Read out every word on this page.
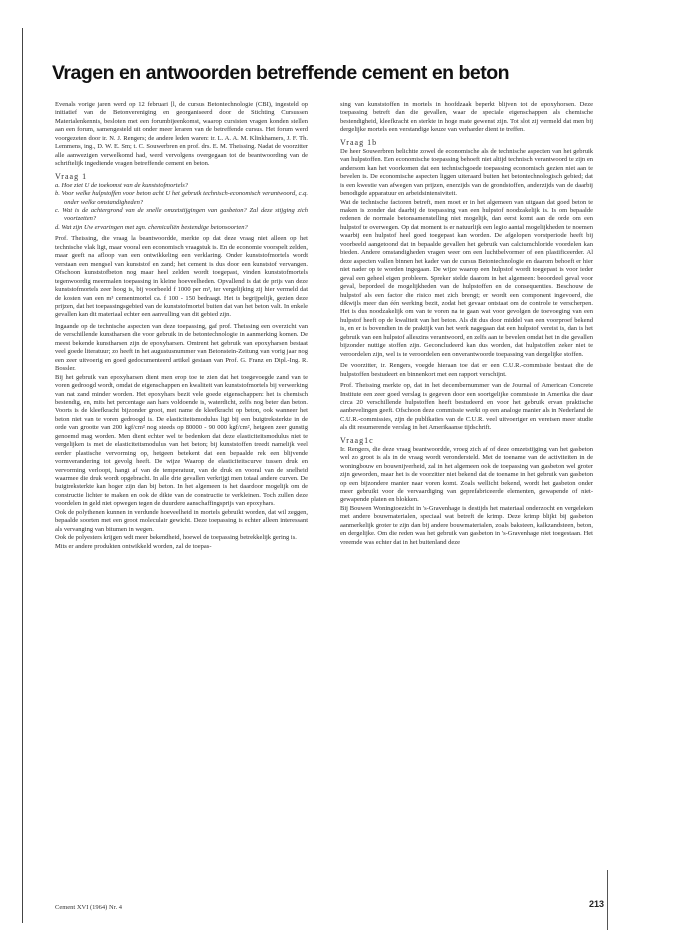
Vragen en antwoorden betreffende cement en beton

Evenals vorige jaren werd op 12 februari [l, de cursus Betontechnologie (CBI), ingesteld op initiatief van de Betonvereniging en georganiseerd door de Stichting Cursussen Materialenkennis, besloten met een forumbijeenkomst, waarop cursisten vragen konden stellen aan een forum, samengesteld uit onder meer leraren van de betreffende cursus. Het forum werd voorgezeten door ir. N. J. Rengers; de andere leden waren: ir. L. A. A. M. Klinkhamers, J. F. Th. Lemmens, ing., D. W. E. Sm; t. C. Souwerbren en prof. drs. E. M. Theissing. Nadat de voorzitter alle aanwezigen verwelkomd had, werd vervolgens overgegaan tot de beantwoording van de schriftelijk ingediende vragen betreffende cement en beton.

Vraag 1

a. Hoe ziet U de toekomst van de kunststofmortels?

b. Voor welke hulpstoffen voor beton acht U het gebruik technisch-economisch verantwoord, c.q. onder welke omstandigheden?

c. Wat is de achtergrond van de snelle omzetstijgingen van gasbeton? Zal deze stijging zich voortzetten?

d. Wat zijn Uw ervaringen met zgn. chemicaliën bestendige betonsoorten?

Prof. Theissing, die vraag la beantwoordde, merkte op dat deze vraag niet alleen op het technische vlak ligt, maar vooral een economisch vraagstuk is. En de economie voorspelt zelden, maar geeft na afloop van een ontwikkeling een verklaring. Onder kunststofmortels wordt verstaan een mengsel van kunststof en zand; het cement is dus door een kunststof vervangen. Ofschoon kunststofbeton nog maar heel zelden wordt toegepast, vinden kunststofmortels tegenwoordig meermalen toepassing in kleine hoeveelheden. Opvallend is dat de prijs van deze kunststofmortels zeer hoog is, bij voorbeeld f 1000 per m³, ter vergelijking zij hier vermeld dat de kosten van een m³ cementmortel ca. f 100 - 150 bedraagt. Het is begrijpelijk, gezien deze prijzen, dat het toepassingsgebied van de kunststofmortel buiten dat van het beton valt. In enkele gevallen kan dit materiaal echter een aanvulling van dit gebied zijn.

Ingaande op de technische aspecten van deze toepassing, gaf prof. Theissing een overzicht van de verschillende kunstharsen die voor gebruik in de betontechnologie in aanmerking komen. De meest bekende kunstharsen zijn de epoxyharsen. Omtrent het gebruik van epoxyharsen bestaat veel goede literatuur; zo heeft in het augustusnummer van Betonstein-Zeitung van vorig jaar nog een zeer uitvoerig en goed gedocumenteerd artikel gestaan van Prof. G. Franz en Dipl.-Ing. R. Bossler.

Bij het gebruik van epoxyharsen dient men erop toe te zien dat het toegevoegde zand van te voren gedroogd wordt, omdat de eigenschappen en kwaliteit van kunststofmortels bij verwerking van nat zand minder worden. Het epoxyhars bezit vele goede eigenschappen: het is chemisch bestendig, en, mits het percentage aan hars voldoende is, waterdicht, zelfs nog beter dan beton. Voorts is de kleefkracht bijzonder groot, met name de kleefkracht op beton, ook wanneer het beton niet van te voren gedroogd is. De elasticiteitsmodulus ligt bij een buigtreksterkte in de orde van grootte van 200 kgf/cm² nog steeds op 80000 - 90 000 kgf/cm², hetgeen zeer gunstig genoemd mag worden. Men dient echter wel te bedenken dat deze elasticiteitsmodulus niet te vergelijken is met de elasticiteitsmodulus van het beton; bij kunststoffen treedt namelijk veel eerder plastische vervorming op, hetgeen betekent dat een bepaalde rek een blijvende vormverandering tot gevolg heeft. De wijze Waarop de elasticiteitscurve tussen druk en vervorming verloopt, hangt af van de temperatuur, van de druk en vooral van de snelheid waarmee die druk wordt opgebracht. In alle drie gevallen verkrijgt men totaal andere curven. De buigtreksterkte kan hoger zijn dan bij beton. In het algemeen is het daardoor mogelijk om de constructie lichter te maken en ook de dikte van de constructie te verkleinen. Toch zullen deze voordelen in geld niet opwegen tegen de duurdere aanschaffingsprijs van epoxyhars.

Ook de polythenen kunnen in verdunde hoeveelheid in mortels gebruikt worden, dat wil zeggen, bepaalde soorten met een groot moleculair gewicht. Deze toepassing is echter alleen interessant als vervanging van bitumen in wegen.

Ook de polyesters krijgen wdt meer bekendheid, hoewel de toepassing betrekkelijk gering is.

Mits er andere produkten ontwikkeld worden, zal de toepas-

sing van kunststoffen in mortels in hoofdzaak beperkt blijven tot de epoxyhorsen. Deze toepassing betreft dan die gevallen, waar de speciale eigenschappen als chemische bestendigheid, kleefkracht en sterkte in hoge mate gewenst zijn. Tot slot zij vermeld dat men bij dergelijke mortels een verstandige keuze van verharder dient te treffen.

Vraag 1b

De heer Souwerbren belichtte zowel de economische als de technische aspecten van het gebruik van hulpstoffen. Een economische toepassing behoeft niet altijd technisch verantwoord te zijn en andersom kan het voorkomen dat een technischgoede toepassing economisch gezien niet aan te bevelen is. De economische aspecten liggen uiteraard buiten het betontechnologisch gebied; dat is een kwestie van afwegen van prijzen, enerzijds van de grondstoffen, anderzijds van de daarbij benodigde apparatuur en arbeidsintensiviteit.

Wat de technische factoren betreft, men moet er in het algemeen van uitgaan dat goed beton te maken is zonder dat daarbij de toepassing van een hulpstof noodzakelijk is. Is om bepaalde redenen de normale betonsamenstelling niet mogelijk, dan eerst komt aan de orde om een hulpstof te overwegen. Op dat moment is er natuurlijk een legio aantal mogelijkheden te noemen waarbij een hulpstof heel goed toegepast kan worden. De afgelopen vorstperiode heeft bij voorbeeld aangetoond dat in bepaalde gevallen het gebruik van calciumchloride voordelen kan bieden. Andere omstandigheden vragen weer om een luchtbelvormer of een plastificeerder. Al deze aspecten vallen binnen het kader van de cursus Betontechnologie en daarom behoeft er hier niet nader op te worden ingegaan. De wijze waarop een hulpstof wordt toegepast is voor ieder geval een geheel eigen probleem. Spreker stelde daarom in het algemeen: beoordeel geval voor geval, bepordeel de mogelijkheden van de hulpstoffen en de consequenties. Beschouw de hulpstof als een factor die risico met zich brengt; er wordt een component ingevoerd, die dikwijls meer dan één werking bezit, zodat het gevaar ontstaat om de controle te verscherpen. Het is dus noodzakelijk om van te voren na te gaan wat voor gevolgen de toevoeging van een hulpstof heeft op de kwaliteit van het beton. Als dit dus door middel van een voorproef bekend is, en er is bovendien in de praktijk van het werk nagegaan dat een hulpstof vereist is, dan is het gebruik van een hulpstof alleszins verantwoord, en zelfs aan te bevelen omdat het in die gevallen bijzonder nuttige stoffen zijn. Geconcludeerd kan dus worden, dat hulpstoffen zeker niet te veroordelen zijn, wel is te veroordelen een onverantwoorde toepassing van dergelijke stoffen.

De voorzitter, ir. Rengers, voegde hieraan toe dat er een C.U.R.-commissie bestaat die de hulpstoffen bestudeert en binnenkort met een rapport verschijnt.

Prof. Theissing merkte op, dat in het decembernummer van de Journal of American Concrete Institute een zeer goed verslag is gegeven door een soortgelijke commissie in Amerika die daar circa 20 verschillende hulpstoffen heeft bestudeerd en voor het gebruik ervan praktische aanbevelingen geeft. Ofschoon deze commissie werkt op een analoge manier als in Nederland de C.U.R.-commissies, zijn de publikaties van de C.U.R. veel uitvoeriger en vereisen meer studie als dit resumerende verslag in het Amerikaanse tijdschrift.

Vraag1c

Ir. Rengers, die deze vraag beantwoordde, vroeg zich af of deze omzetstijging van het gasbeton wel zo groot is als in de vraag wordt verondersteld. Met de toename van de activiteiten in de woningbouw en bouwnijverheid, zal in het algemeen ook de toepassing van gasbeton wel groter zijn geworden, maar het is de voorzitter niet bekend dat de toename in het gebruik van gasbeton op een bijzondere manier naar voren komt. Zoals wellicht bekend, wordt het gasbeton onder meer gebruikt voor de vervaardiging van geprefabriceerde elementen, gewapende of niet-gewapende platen en blokken.

Bij Bouwen Woningtoezicht in 's-Gravenhage is destijds het materiaal onderzocht en vergeleken met andere bouwmaterialen, speciaal wat betreft de krimp. Deze krimp blijkt bij gasbeton aanmerkelijk groter te zijn dan bij andere bouwmaterialen, zoals baksteen, kalkzandsteen, beton, en dergelijke. Om die reden was het gebruik van gasbeton in 's-Gravenhage niet toegestaan. Het vreemde was echter dat in het buitenland deze

Cement XVI (1964) Nr. 4	213
